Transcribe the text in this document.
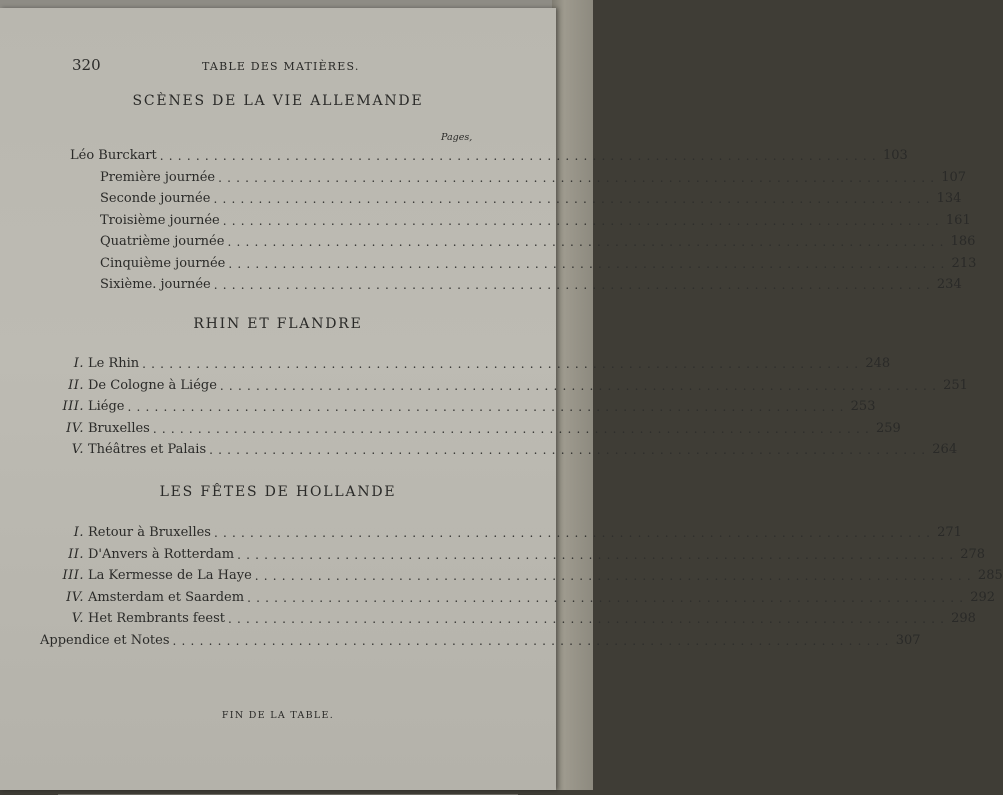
320	TABLE DES MATIÈRES.
SCÈNES DE LA VIE ALLEMANDE
Pages,
Léo Burckart ................................................................................ 103
Première journée ................................................................................ 107
Seconde journée ................................................................................ 134
Troisième journée ................................................................................ 161
Quatrième journée ................................................................................ 186
Cinquième journée ................................................................................ 213
Sixième. journée ................................................................................ 234
RHIN ET FLANDRE
I. Le Rhin ................................................................................ 248
II. De Cologne à Liége ................................................................................ 251
III. Liége ................................................................................ 253
IV. Bruxelles ................................................................................ 259
V. Théâtres et Palais ................................................................................ 264
LES FÊTES DE HOLLANDE
I. Retour à Bruxelles ................................................................................ 271
II. D'Anvers à Rotterdam ................................................................................ 278
III. La Kermesse de La Haye ................................................................................ 285
IV. Amsterdam et Saardem ................................................................................ 292
V. Het Rembrants feest ................................................................................ 298
Appendice et Notes ................................................................................ 307
FIN DE LA TABLE.
